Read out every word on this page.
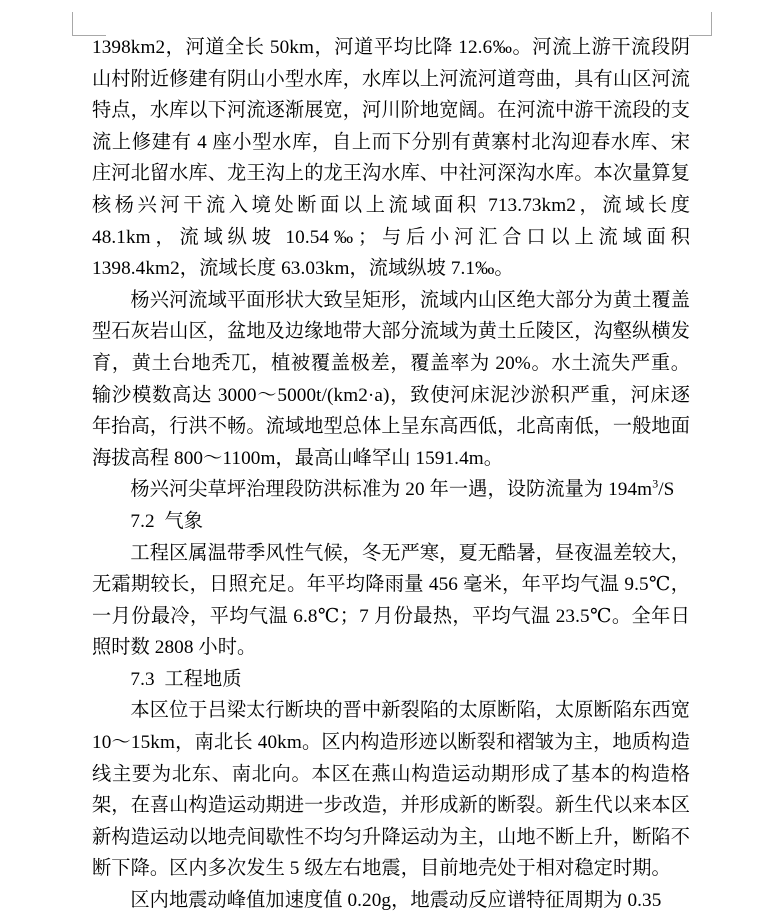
1398km2，河道全长 50km，河道平均比降 12.6‰。河流上游干流段阴山村附近修建有阴山小型水库，水库以上河流河道弯曲，具有山区河流特点，水库以下河流逐渐展宽，河川阶地宽阔。在河流中游干流段的支流上修建有 4 座小型水库，自上而下分别有黄寨村北沟迎春水库、宋庄河北留水库、龙王沟上的龙王沟水库、中社河深沟水库。本次量算复核杨兴河干流入境处断面以上流域面积 713.73km2，流域长度 48.1km，流域纵坡 10.54‰；与后小河汇合口以上流域面积 1398.4km2，流域长度 63.03km，流域纵坡 7.1‰。

杨兴河流域平面形状大致呈矩形，流域内山区绝大部分为黄土覆盖型石灰岩山区，盆地及边缘地带大部分流域为黄土丘陵区，沟壑纵横发育，黄土台地秃兀，植被覆盖极差，覆盖率为 20%。水土流失严重。输沙模数高达 3000～5000t/(km2·a)，致使河床泥沙淤积严重，河床逐年抬高，行洪不畅。流域地型总体上呈东高西低，北高南低，一般地面海拔高程 800～1100m，最高山峰罕山 1591.4m。

杨兴河尖草坪治理段防洪标准为 20 年一遇，设防流量为 $194m^3/S$

7.2  气象

工程区属温带季风性气候，冬无严寒，夏无酷暑，昼夜温差较大，无霜期较长，日照充足。年平均降雨量 456 毫米，年平均气温 9.5℃，一月份最冷，平均气温 6.8℃；7 月份最热，平均气温 23.5℃。全年日照时数 2808 小时。

7.3  工程地质

本区位于吕梁太行断块的晋中新裂陷的太原断陷，太原断陷东西宽 10～15km，南北长 40km。区内构造形迹以断裂和褶皱为主，地质构造线主要为北东、南北向。本区在燕山构造运动期形成了基本的构造格架，在喜山构造运动期进一步改造，并形成新的断裂。新生代以来本区新构造运动以地壳间歇性不均匀升降运动为主，山地不断上升，断陷不断下降。区内多次发生 5 级左右地震，目前地壳处于相对稳定时期。

区内地震动峰值加速度值 0.20g，地震动反应谱特征周期为 0.35
